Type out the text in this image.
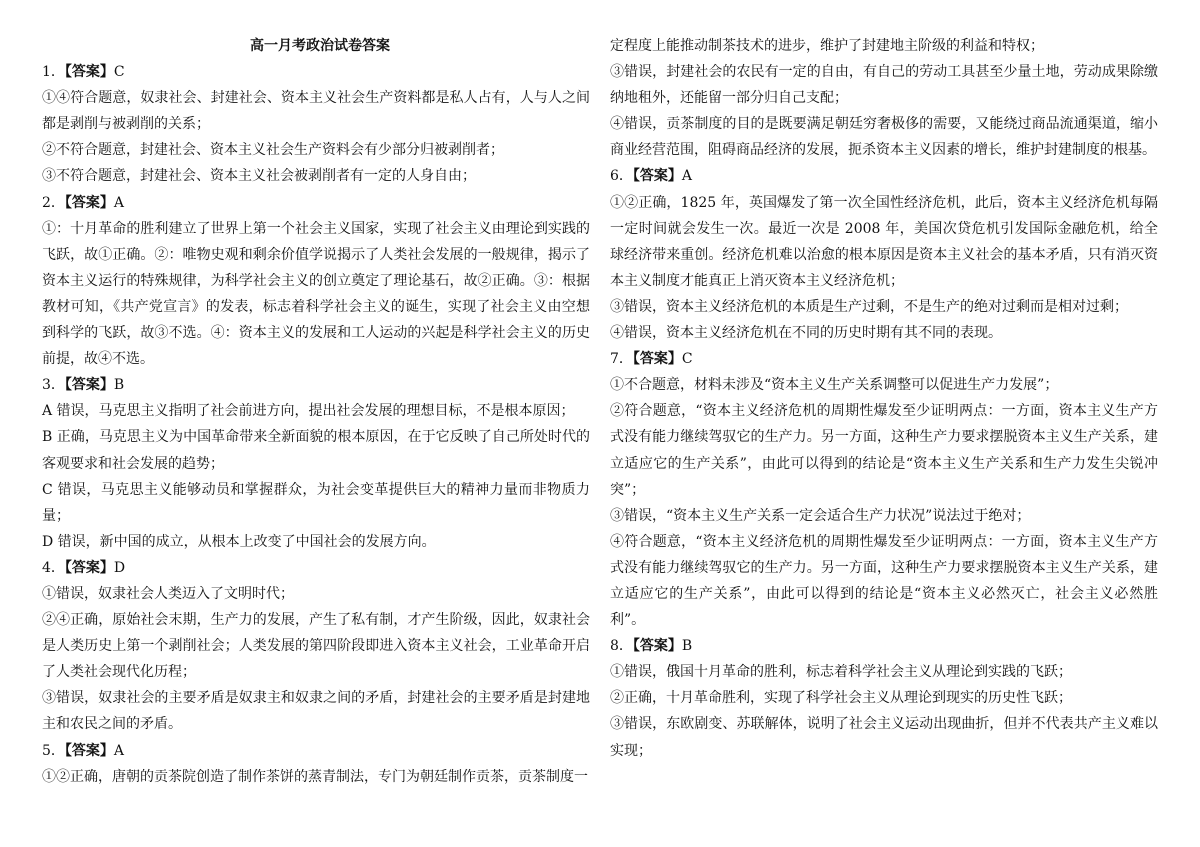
高一月考政治试卷答案

1．【答案】C

①④符合题意，奴隶社会、封建社会、资本主义社会生产资料都是私人占有，人与人之间都是剥削与被剥削的关系；

②不符合题意，封建社会、资本主义社会生产资料会有少部分归被剥削者；

③不符合题意，封建社会、资本主义社会被剥削者有一定的人身自由；

2．【答案】A

①：十月革命的胜利建立了世界上第一个社会主义国家，实现了社会主义由理论到实践的飞跃，故①正确。②：唯物史观和剩余价值学说揭示了人类社会发展的一般规律，揭示了资本主义运行的特殊规律，为科学社会主义的创立奠定了理论基石，故②正确。③：根据教材可知，《共产党宣言》的发表，标志着科学社会主义的诞生，实现了社会主义由空想到科学的飞跃，故③不选。④：资本主义的发展和工人运动的兴起是科学社会主义的历史前提，故④不选。

3．【答案】B

A 错误，马克思主义指明了社会前进方向，提出社会发展的理想目标，不是根本原因；

B 正确，马克思主义为中国革命带来全新面貌的根本原因，在于它反映了自己所处时代的客观要求和社会发展的趋势；

C 错误，马克思主义能够动员和掌握群众，为社会变革提供巨大的精神力量而非物质力量；

D 错误，新中国的成立，从根本上改变了中国社会的发展方向。

4．【答案】D

①错误，奴隶社会人类迈入了文明时代；

②④正确，原始社会末期，生产力的发展，产生了私有制，才产生阶级，因此，奴隶社会是人类历史上第一个剥削社会；人类发展的第四阶段即进入资本主义社会，工业革命开启了人类社会现代化历程；

③错误，奴隶社会的主要矛盾是奴隶主和奴隶之间的矛盾，封建社会的主要矛盾是封建地主和农民之间的矛盾。

5．【答案】A

①②正确，唐朝的贡茶院创造了制作茶饼的蒸青制法，专门为朝廷制作贡茶，贡茶制度一

定程度上能推动制茶技术的进步，维护了封建地主阶级的利益和特权；

③错误，封建社会的农民有一定的自由，有自己的劳动工具甚至少量土地，劳动成果除缴纳地租外，还能留一部分归自己支配；

④错误，贡茶制度的目的是既要满足朝廷穷奢极侈的需要，又能绕过商品流通渠道，缩小商业经营范围，阻碍商品经济的发展，扼杀资本主义因素的增长，维护封建制度的根基。

6．【答案】A

①②正确，1825 年，英国爆发了第一次全国性经济危机，此后，资本主义经济危机每隔一定时间就会发生一次。最近一次是 2008 年，美国次贷危机引发国际金融危机，给全球经济带来重创。经济危机难以治愈的根本原因是资本主义社会的基本矛盾，只有消灭资本主义制度才能真正上消灭资本主义经济危机；

③错误，资本主义经济危机的本质是生产过剩，不是生产的绝对过剩而是相对过剩；

④错误，资本主义经济危机在不同的历史时期有其不同的表现。

7．【答案】C

①不合题意，材料未涉及“资本主义生产关系调整可以促进生产力发展”；

②符合题意，“资本主义经济危机的周期性爆发至少证明两点：一方面，资本主义生产方式没有能力继续驾驭它的生产力。另一方面，这种生产力要求摆脱资本主义生产关系，建立适应它的生产关系”，由此可以得到的结论是“资本主义生产关系和生产力发生尖锐冲突”；

③错误，“资本主义生产关系一定会适合生产力状况”说法过于绝对；

④符合题意，“资本主义经济危机的周期性爆发至少证明两点：一方面，资本主义生产方式没有能力继续驾驭它的生产力。另一方面，这种生产力要求摆脱资本主义生产关系，建立适应它的生产关系”，由此可以得到的结论是“资本主义必然灭亡，社会主义必然胜利”。

8．【答案】B

①错误，俄国十月革命的胜利，标志着科学社会主义从理论到实践的飞跃；

②正确，十月革命胜利，实现了科学社会主义从理论到现实的历史性飞跃；

③错误，东欧剧变、苏联解体，说明了社会主义运动出现曲折，但并不代表共产主义难以实现；
